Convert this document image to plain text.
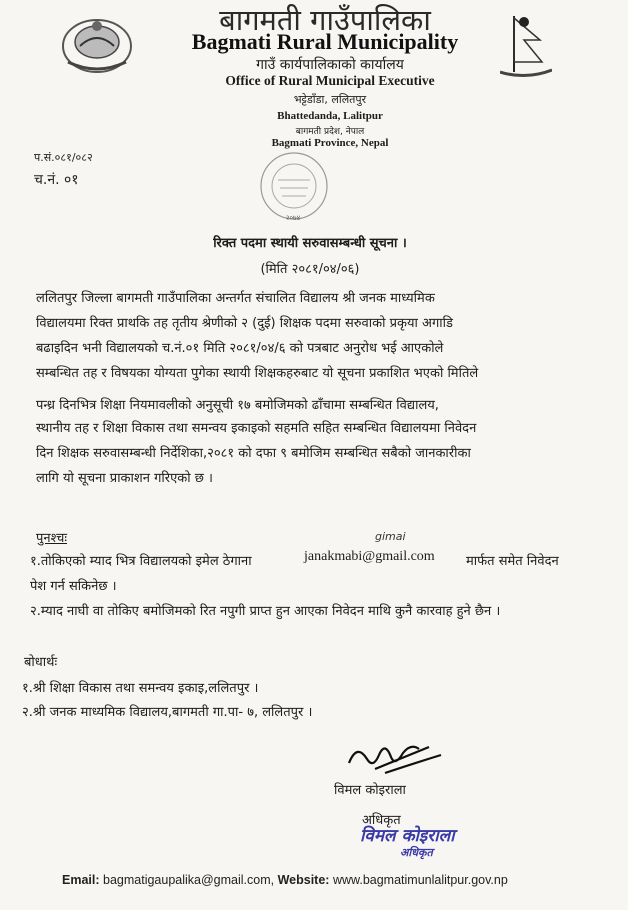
बागमती गाउँपालिका
Bagmati Rural Municipality
गाउँ कार्यपालिकाको कार्यालय
Office of Rural Municipal Executive
भट्टेडाँडा, ललितपुर
Bhattedanda, Lalitpur
बागमती प्रदेश, नेपाल
Bagmati Province, Nepal
२०७४
प.सं.०८१/०८२
च.नं. ०१
रिक्त पदमा स्थायी सरुवासम्बन्धी सूचना ।
(मिति २०८१/०४/०६)
ललितपुर जिल्ला बागमती गाउँपालिका अन्तर्गत संचालित विद्यालय श्री जनक माध्यमिक
विद्यालयमा रिक्त प्राथकि तह तृतीय श्रेणीको २ (दुई) शिक्षक पदमा सरुवाको प्रकृया अगाडि
बढाइदिन भनी विद्यालयको च.नं.०१ मिति २०८१/०४/६ को पत्रबाट अनुरोध भई आएकोले
सम्बन्धित तह र विषयका योग्यता पुगेका स्थायी शिक्षकहरुबाट यो सूचना प्रकाशित भएको मितिले
पन्ध्र दिनभित्र शिक्षा नियमावलीको अनुसूची १७ बमोजिमको ढाँचामा सम्बन्धित विद्यालय,
स्थानीय तह र शिक्षा विकास तथा समन्वय इकाइको सहमति सहित सम्बन्धित विद्यालयमा निवेदन
दिन शिक्षक सरुवासम्बन्धी निर्देशिका,२०८१ को दफा ९ बमोजिम सम्बन्धित सबैको जानकारीका
लागि यो सूचना प्राकाशन गरिएको छ ।
पुनश्चः
१.तोकिएको म्याद भित्र विद्यालयको इमेल ठेगाना
gimai
janakmabi@gmail.com मार्फत समेत निवेदन
पेश गर्न सकिनेछ ।
२.म्याद नाघी वा तोकिए बमोजिमको रित नपुगी प्राप्त हुन आएका निवेदन माथि कुनै कारवाह हुने छैन ।
बोधार्थः
१.श्री शिक्षा विकास तथा समन्वय इकाइ,ललितपुर ।
२.श्री जनक माध्यमिक विद्यालय,बागमती गा.पा- ७, ललितपुर ।
विमल कोइराला
अधिकृत
विमल कोइराला
अधिकृत
Email: bagmatigaupalika@gmail.com, Website: www.bagmatimunlalitpur.gov.np
